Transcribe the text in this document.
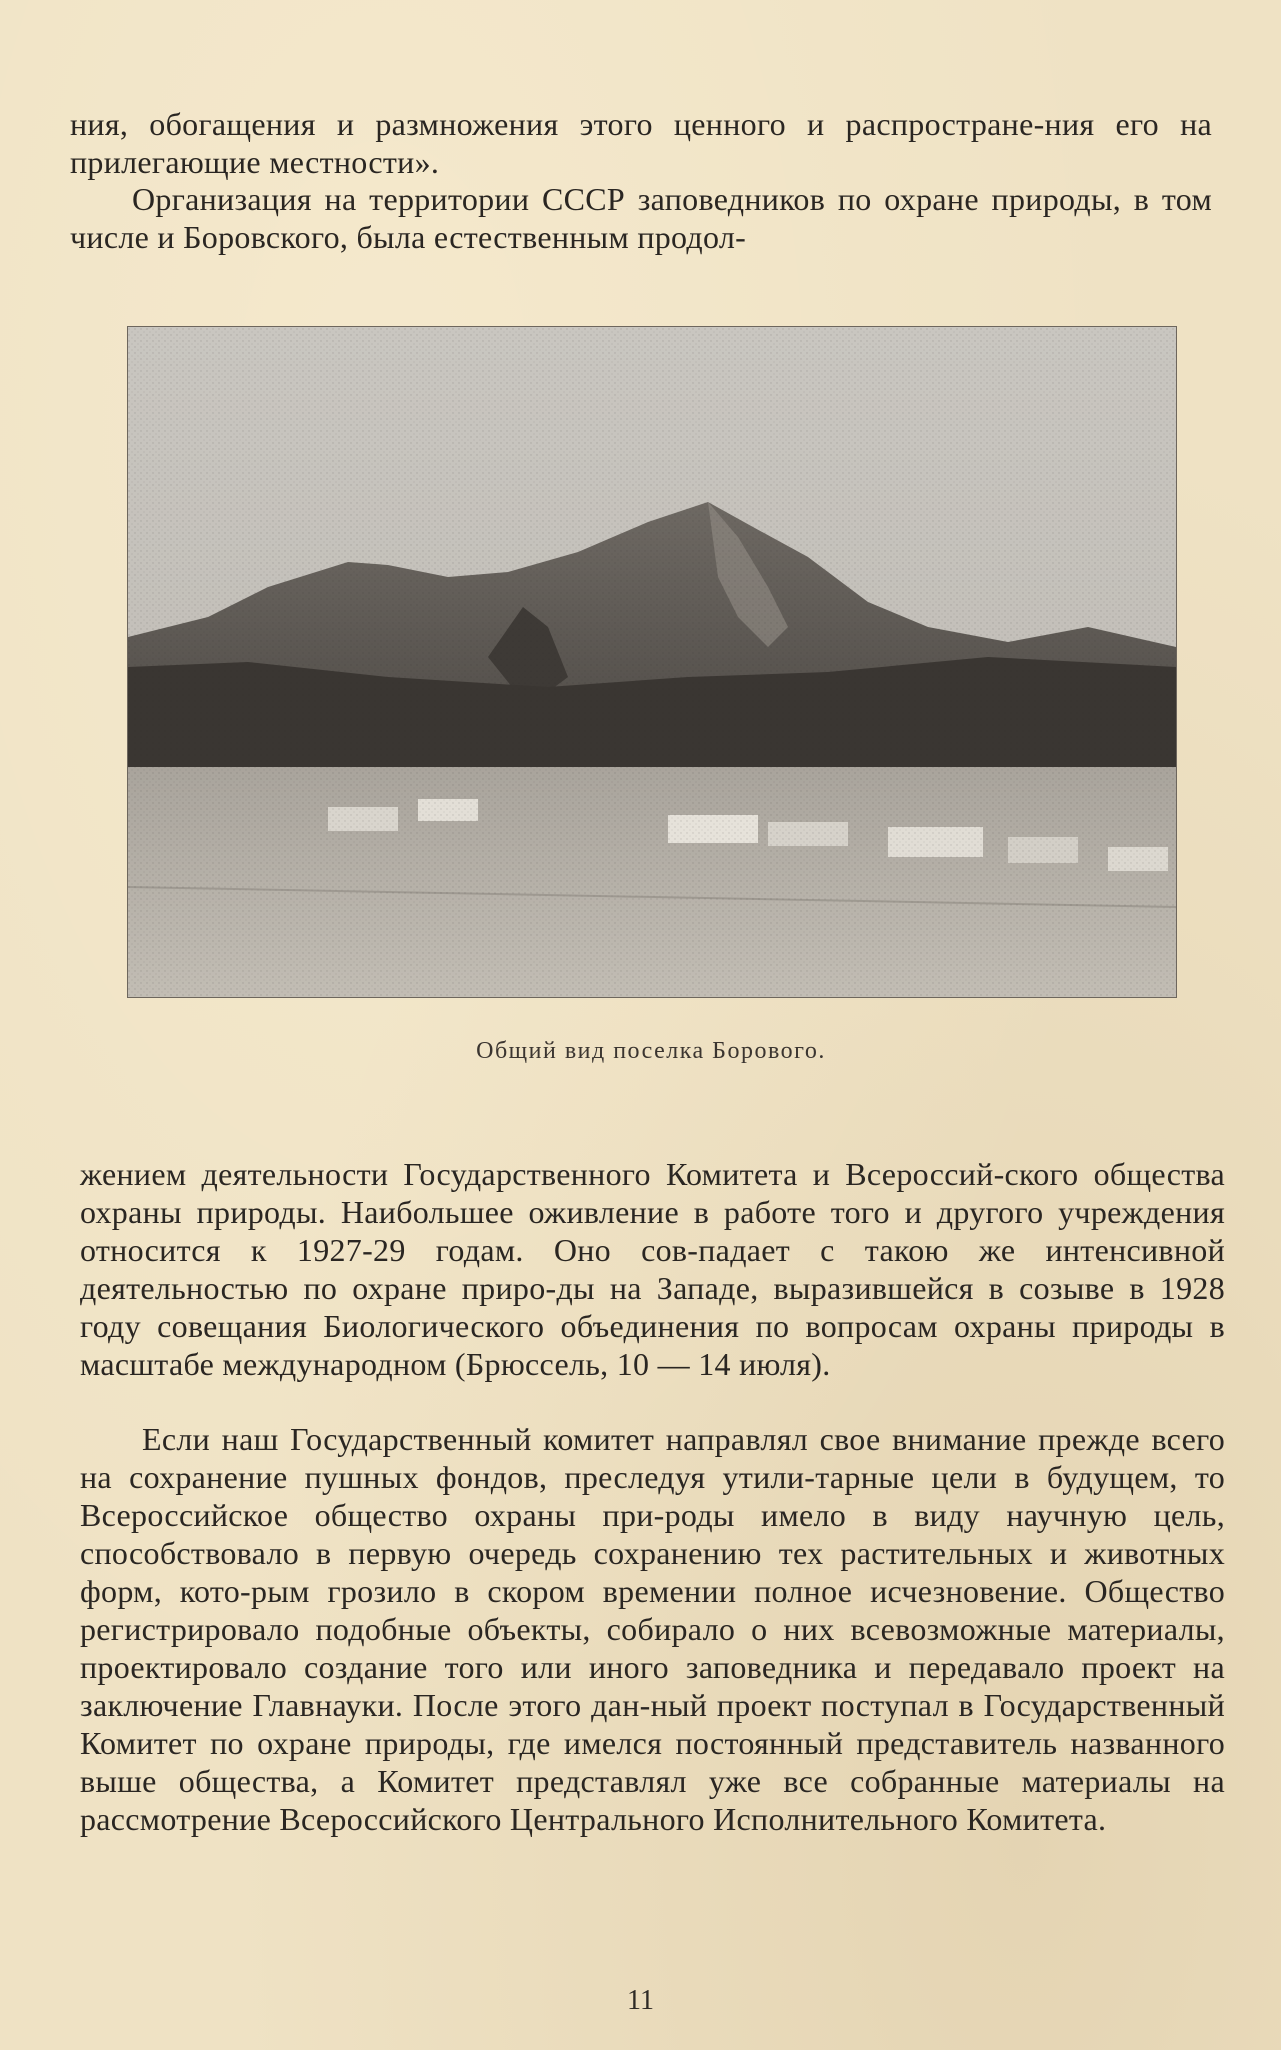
ния, обогащения и размножения этого ценного и распростране-ния его на прилегающие местности».

Организация на территории СССР заповедников по охране природы, в том числе и Боровского, была естественным продол-

Общий вид поселка Борового.

жением деятельности Государственного Комитета и Всероссий-ского общества охраны природы. Наибольшее оживление в работе того и другого учреждения относится к 1927-29 годам. Оно сов-падает с такою же интенсивной деятельностью по охране приро-ды на Западе, выразившейся в созыве в 1928 году совещания Биологического объединения по вопросам охраны природы в масштабе международном (Брюссель, 10 — 14 июля).

Если наш Государственный комитет направлял свое внимание прежде всего на сохранение пушных фондов, преследуя утили-тарные цели в будущем, то Всероссийское общество охраны при-роды имело в виду научную цель, способствовало в первую очередь сохранению тех растительных и животных форм, кото-рым грозило в скором времении полное исчезновение. Общество регистрировало подобные объекты, собирало о них всевозможные материалы, проектировало создание того или иного заповедника и передавало проект на заключение Главнауки. После этого дан-ный проект поступал в Государственный Комитет по охране природы, где имелся постоянный представитель названного выше общества, а Комитет представлял уже все собранные материалы на рассмотрение Всероссийского Центрального Исполнительного Комитета.

11
